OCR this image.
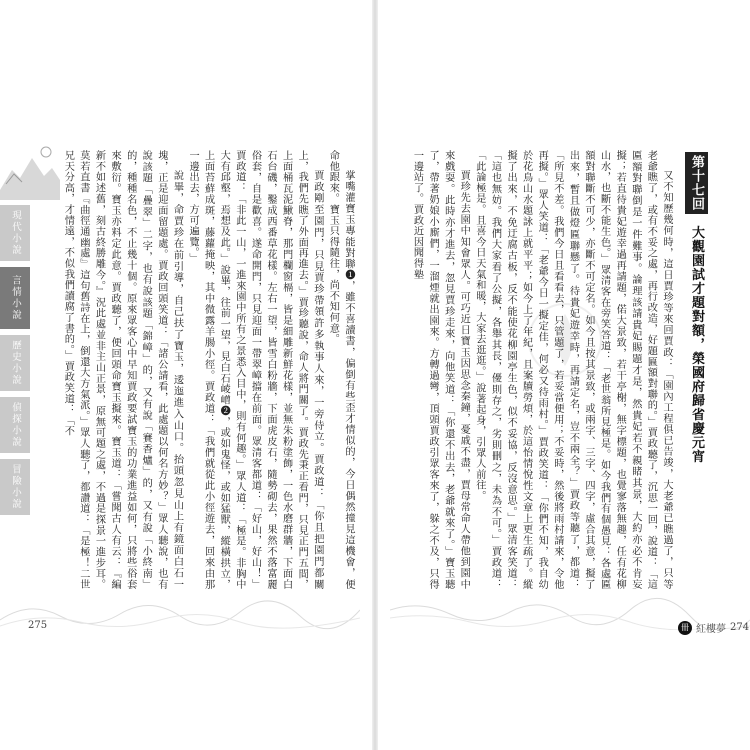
現代小說
言情小說
歷史小說
偵探小說
冒險小說	掌嘴灌寶玉專能對聯➊，雖不喜讀書，偏倒有些歪才情似的，今日偶然撞見這機會，便命他跟來。寶玉只得隨往，尚不知何意。

賈政剛至園門，只見賈珍帶領許多執事人來，一旁侍立。賈政道：「你且把園門都關上，我們先瞧了外面再進去。」賈珍聽說，命人將門關了。賈政先秉正看門，只見正門五間，上面桶瓦泥鰍脊，那門欄窗槅，皆是細雕新鮮花樣，並無朱粉塗飾，一色水磨群牆，下面白石台磯，鑿成西番草花樣。左右一望，皆雪白粉牆，下面虎皮石，隨勢砌去，果然不落富麗俗套，自是歡喜。遂命開門，只見迎面一帶翠嶂擋在前面。眾清客都道：「好山，好山！」賈政道：「非此一山，一進來園中所有之景悉入目中，則有何趣。」眾人道：「極是。非胸中大有邱壑，焉想及此。」說畢，往前一望，見白石崚嶒➋，或如鬼怪，或如猛獸，縱橫拱立，上面苔蘚成斑，藤蘿掩映，其中微露羊腸小徑。賈政道：「我們就從此小徑遊去，回來由那一邊出去，方可遍覽。」

說畢，命賈珍在前引導，自己扶了寶玉，逶迤進入山口。抬頭忽見山上有鏡面白石一塊，正是迎面留題處。賈政回頭笑道：「諸公請看，此處題以何名方妙？」眾人聽說，也有說該題「疊翠」二字，也有說該題「錦嶂」的，又有說「賽香爐」的，又有說「小終南」的，種種名色，不止幾十個。原來眾客心中早知賈政要試寶玉的功業進益如何，只將些俗套來敷衍。寶玉亦料定此意。賈政聽了，便回頭命寶玉擬來。寶玉道：「嘗聞古人有云：『編新不如述舊，刻古終勝雕今。』況此處並非主山正景，原無可題之處，不過是探景一進步耳。莫若直書『曲徑通幽處』這句舊詩在上，倒還大方氣派。」眾人聽了，都讚道：「是極！二世兄天分高，才情遠，不似我們讀腐了書的。」賈政笑道：「不

275
第十七回 大觀園試才題對額，榮國府歸省慶元宵

又不知歷幾何時，這日賈珍等來回賈政：「園內工程俱已告竣，大老爺已瞧過了，只等老爺瞧了，或有不妥之處，再行改造，好題匾額對聯的。」賈政聽了，沉思一回，說道：「這匾額對聯倒是一件難事。論理該請貴妃賜題才是，然貴妃若不親睹其景，大約亦必不肯妄擬；若直待貴妃遊幸過再請題，偌大景致，若干亭榭，無字標題，也覺寥落無趣，任有花柳山水，也斷不能生色。」眾清客在旁笑答道：「老世翁所見極是。如今我們有個愚見：各處匾額對聯斷不可少，亦斷不可定名。如今且按其景致，或兩字、三字、四字，虛合其意，擬了出來，暫且做燈匾聯懸了。待貴妃遊幸時，再請定名，豈不兩全？」賈政等聽了，都道：「所見不差。我們今日且看看去，只管題了，若妥當便用；不妥時，然後將雨村請來，令他再擬。」眾人笑道：「老爺今日一擬定佳，何必又待雨村。」賈政笑道：「你們不知，我自幼於花鳥山水題詠上就平平；如今上了年紀，且案牘勞煩，於這怡情悅性文章上更生疏了。縱擬了出來，不免迂腐古板，反不能使花柳園亭生色，似不妥協，反沒意思。」眾清客笑道：「這也無妨。我們大家看了公擬，各舉其長，優則存之，劣則刪之，未為不可。」賈政道：「此論極是。且喜今日天氣和暖，大家去逛逛。」說著起身，引眾人前往。

賈珍先去園中知會眾人。可巧近日寶玉因思念秦鐘，憂戚不盡，賈母常命人帶他到園中來戲耍。此時亦才進去，忽見賈珍走來，向他笑道：「你還不出去，老爺就來了。」寶玉聽了，帶著奶娘小廝們，一溜煙就出園來。方轉過彎，頂頭賈政引眾客來了，躲之不及，只得一邊站了。賈政近因聞得塾

冊 紅樓夢 274
